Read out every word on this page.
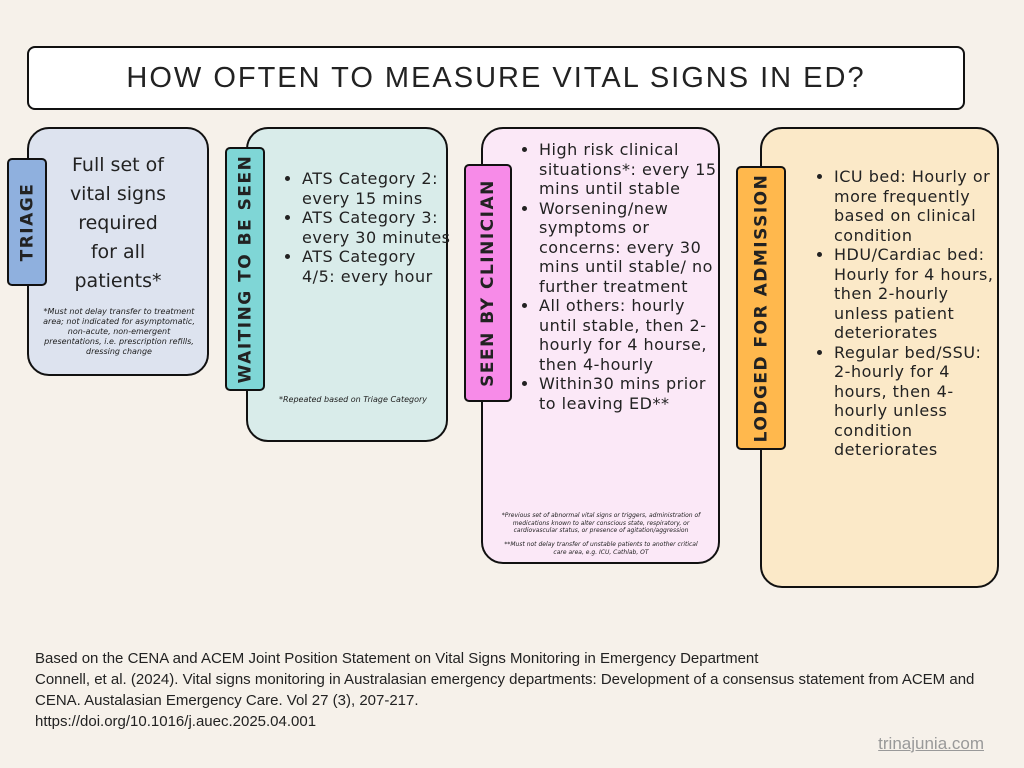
HOW OFTEN TO MEASURE VITAL SIGNS IN ED?
Full set of vital signs required for all patients*
*Must not delay transfer to treatment area; not indicated for asymptomatic, non-acute, non-emergent presentations, i.e. prescription refills, dressing change
TRIAGE
• ATS Category 2: every 15 mins
• ATS Category 3: every 30 minutes
• ATS Category 4/5: every hour
*Repeated based on Triage Category
WAITING TO BE SEEN
• High risk clinical situations*: every 15 mins until stable
• Worsening/new symptoms or concerns: every 30 mins until stable/ no further treatment
• All others: hourly until stable, then 2-hourly for 4 hourse, then 4-hourly
• Within30 mins prior to leaving ED**
*Previous set of abnormal vital signs or triggers, administration of medications known to alter conscious state, respiratory, or cardiovascular status, or presence of agitation/aggression
**Must not delay transfer of unstable patients to another critical care area, e.g. ICU, Cathlab, OT
SEEN BY CLINICIAN
• ICU bed: Hourly or more frequently based on clinical condition
• HDU/Cardiac bed: Hourly for 4 hours, then 2-hourly unless patient deteriorates
• Regular bed/SSU: 2-hourly for 4 hours, then 4-hourly unless condition deteriorates
LODGED FOR ADMISSION
Based on the CENA and ACEM Joint Position Statement on Vital Signs Monitoring in Emergency Department
Connell, et al. (2024). Vital signs monitoring in Australasian emergency departments: Development of a consensus statement from ACEM and CENA. Austalasian Emergency Care. Vol 27 (3), 207-217.
https://doi.org/10.1016/j.auec.2025.04.001
trinajunia.com
